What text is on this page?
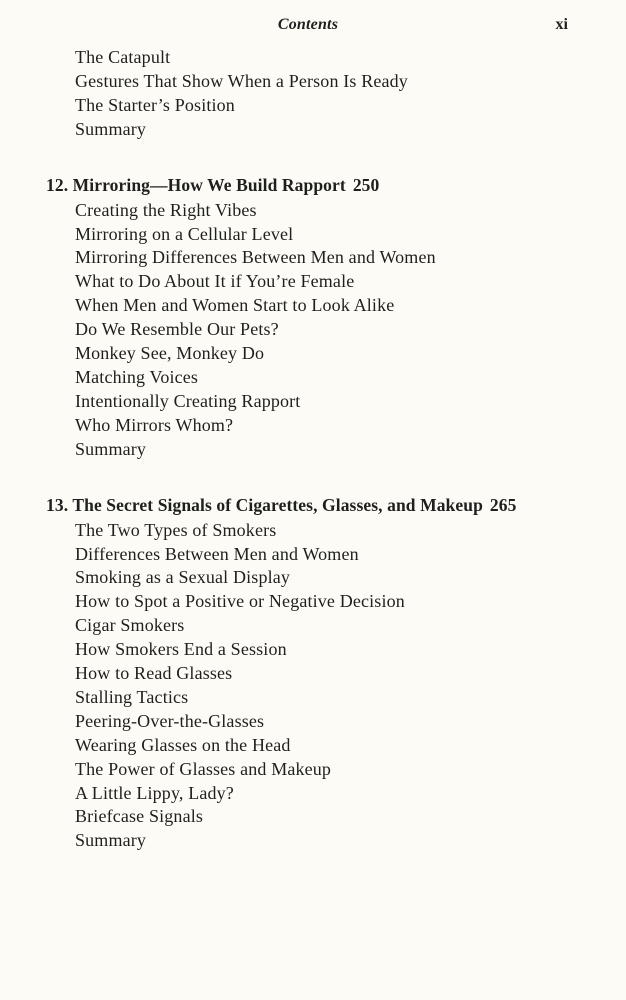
Contents	xi
The Catapult
Gestures That Show When a Person Is Ready
The Starter’s Position
Summary
12. Mirroring—How We Build Rapport 250
Creating the Right Vibes
Mirroring on a Cellular Level
Mirroring Differences Between Men and Women
What to Do About It if You’re Female
When Men and Women Start to Look Alike
Do We Resemble Our Pets?
Monkey See, Monkey Do
Matching Voices
Intentionally Creating Rapport
Who Mirrors Whom?
Summary
13. The Secret Signals of Cigarettes, Glasses, and Makeup 265
The Two Types of Smokers
Differences Between Men and Women
Smoking as a Sexual Display
How to Spot a Positive or Negative Decision
Cigar Smokers
How Smokers End a Session
How to Read Glasses
Stalling Tactics
Peering-Over-the-Glasses
Wearing Glasses on the Head
The Power of Glasses and Makeup
A Little Lippy, Lady?
Briefcase Signals
Summary
